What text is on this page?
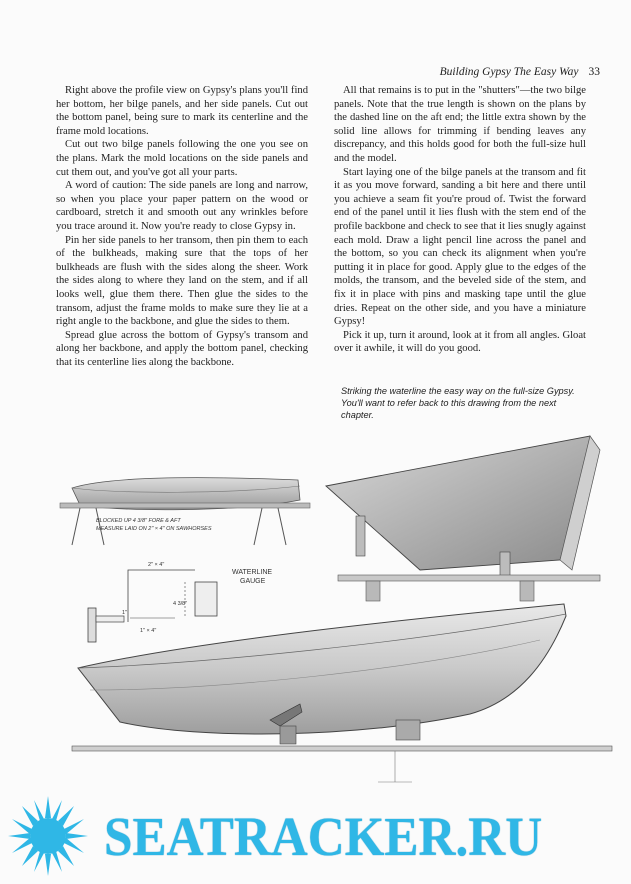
Building Gypsy The Easy Way 33

Right above the profile view on Gypsy's plans you'll find her bottom, her bilge panels, and her side panels. Cut out the bottom panel, being sure to mark its centerline and the frame mold locations.

Cut out two bilge panels following the one you see on the plans. Mark the mold locations on the side panels and cut them out, and you've got all your parts.

A word of caution: The side panels are long and narrow, so when you place your paper pattern on the wood or cardboard, stretch it and smooth out any wrinkles before you trace around it. Now you're ready to close Gypsy in.

Pin her side panels to her transom, then pin them to each of the bulkheads, making sure that the tops of her bulkheads are flush with the sides along the sheer. Work the sides along to where they land on the stem, and if all looks well, glue them there. Then glue the sides to the transom, adjust the frame molds to make sure they lie at a right angle to the backbone, and glue the sides to them.

Spread glue across the bottom of Gypsy's transom and along her backbone, and apply the bottom panel, checking that its centerline lies along the backbone.

All that remains is to put in the "shutters"—the two bilge panels. Note that the true length is shown on the plans by the dashed line on the aft end; the little extra shown by the solid line allows for trimming if bending leaves any discrepancy, and this holds good for both the full-size hull and the model.

Start laying one of the bilge panels at the transom and fit it as you move forward, sanding a bit here and there until you achieve a seam fit you're proud of. Twist the forward end of the panel until it lies flush with the stem end of the profile backbone and check to see that it lies snugly against each mold. Draw a light pencil line across the panel and the bottom, so you can check its alignment when you're putting it in place for good. Apply glue to the edges of the molds, the transom, and the beveled side of the stem, and fix it in place with pins and masking tape until the glue dries. Repeat on the other side, and you have a miniature Gypsy!

Pick it up, turn it around, look at it from all angles. Gloat over it awhile, it will do you good.

Striking the waterline the easy way on the full-size Gypsy. You'll want to refer back to this drawing from the next chapter.
BLOCKED UP 4 3/8" FORE & AFT
MEASURE LAID ON 2" × 4" ON SAWHORSES
2" × 4"
4 3/8"
1" × 4"
1"
WATERLINE
GAUGE
SEATRACKER.RU
